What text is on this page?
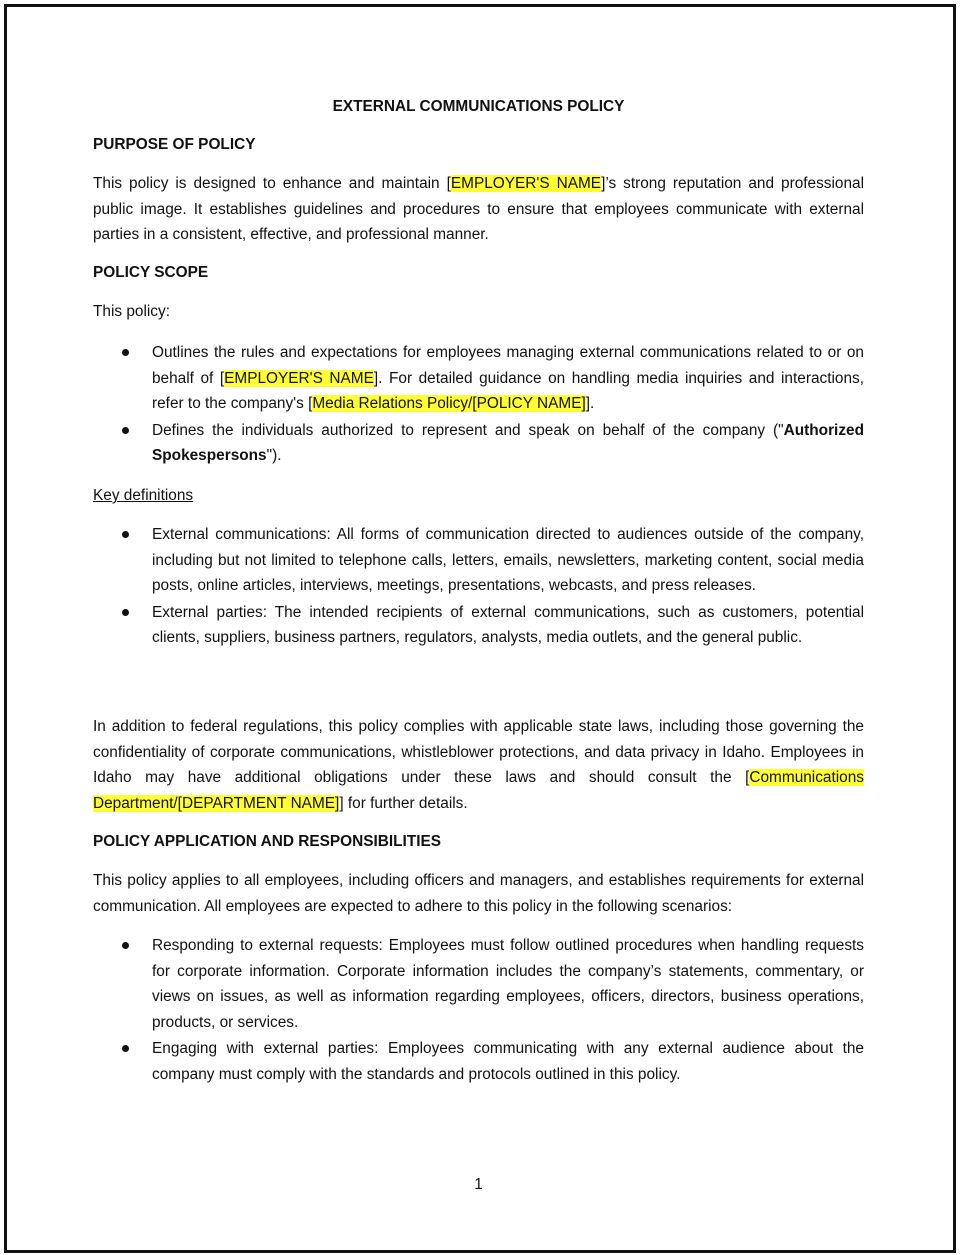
EXTERNAL COMMUNICATIONS POLICY
PURPOSE OF POLICY
This policy is designed to enhance and maintain [EMPLOYER'S NAME]’s strong reputation and professional public image. It establishes guidelines and procedures to ensure that employees communicate with external parties in a consistent, effective, and professional manner.
POLICY SCOPE
This policy:
Outlines the rules and expectations for employees managing external communications related to or on behalf of [EMPLOYER'S NAME]. For detailed guidance on handling media inquiries and interactions, refer to the company's [Media Relations Policy/[POLICY NAME]].
Defines the individuals authorized to represent and speak on behalf of the company ("Authorized Spokespersons").
Key definitions
External communications: All forms of communication directed to audiences outside of the company, including but not limited to telephone calls, letters, emails, newsletters, marketing content, social media posts, online articles, interviews, meetings, presentations, webcasts, and press releases.
External parties: The intended recipients of external communications, such as customers, potential clients, suppliers, business partners, regulators, analysts, media outlets, and the general public.
In addition to federal regulations, this policy complies with applicable state laws, including those governing the confidentiality of corporate communications, whistleblower protections, and data privacy in Idaho. Employees in Idaho may have additional obligations under these laws and should consult the [Communications Department/[DEPARTMENT NAME]] for further details.
POLICY APPLICATION AND RESPONSIBILITIES
This policy applies to all employees, including officers and managers, and establishes requirements for external communication. All employees are expected to adhere to this policy in the following scenarios:
Responding to external requests: Employees must follow outlined procedures when handling requests for corporate information. Corporate information includes the company’s statements, commentary, or views on issues, as well as information regarding employees, officers, directors, business operations, products, or services.
Engaging with external parties: Employees communicating with any external audience about the company must comply with the standards and protocols outlined in this policy.
1
